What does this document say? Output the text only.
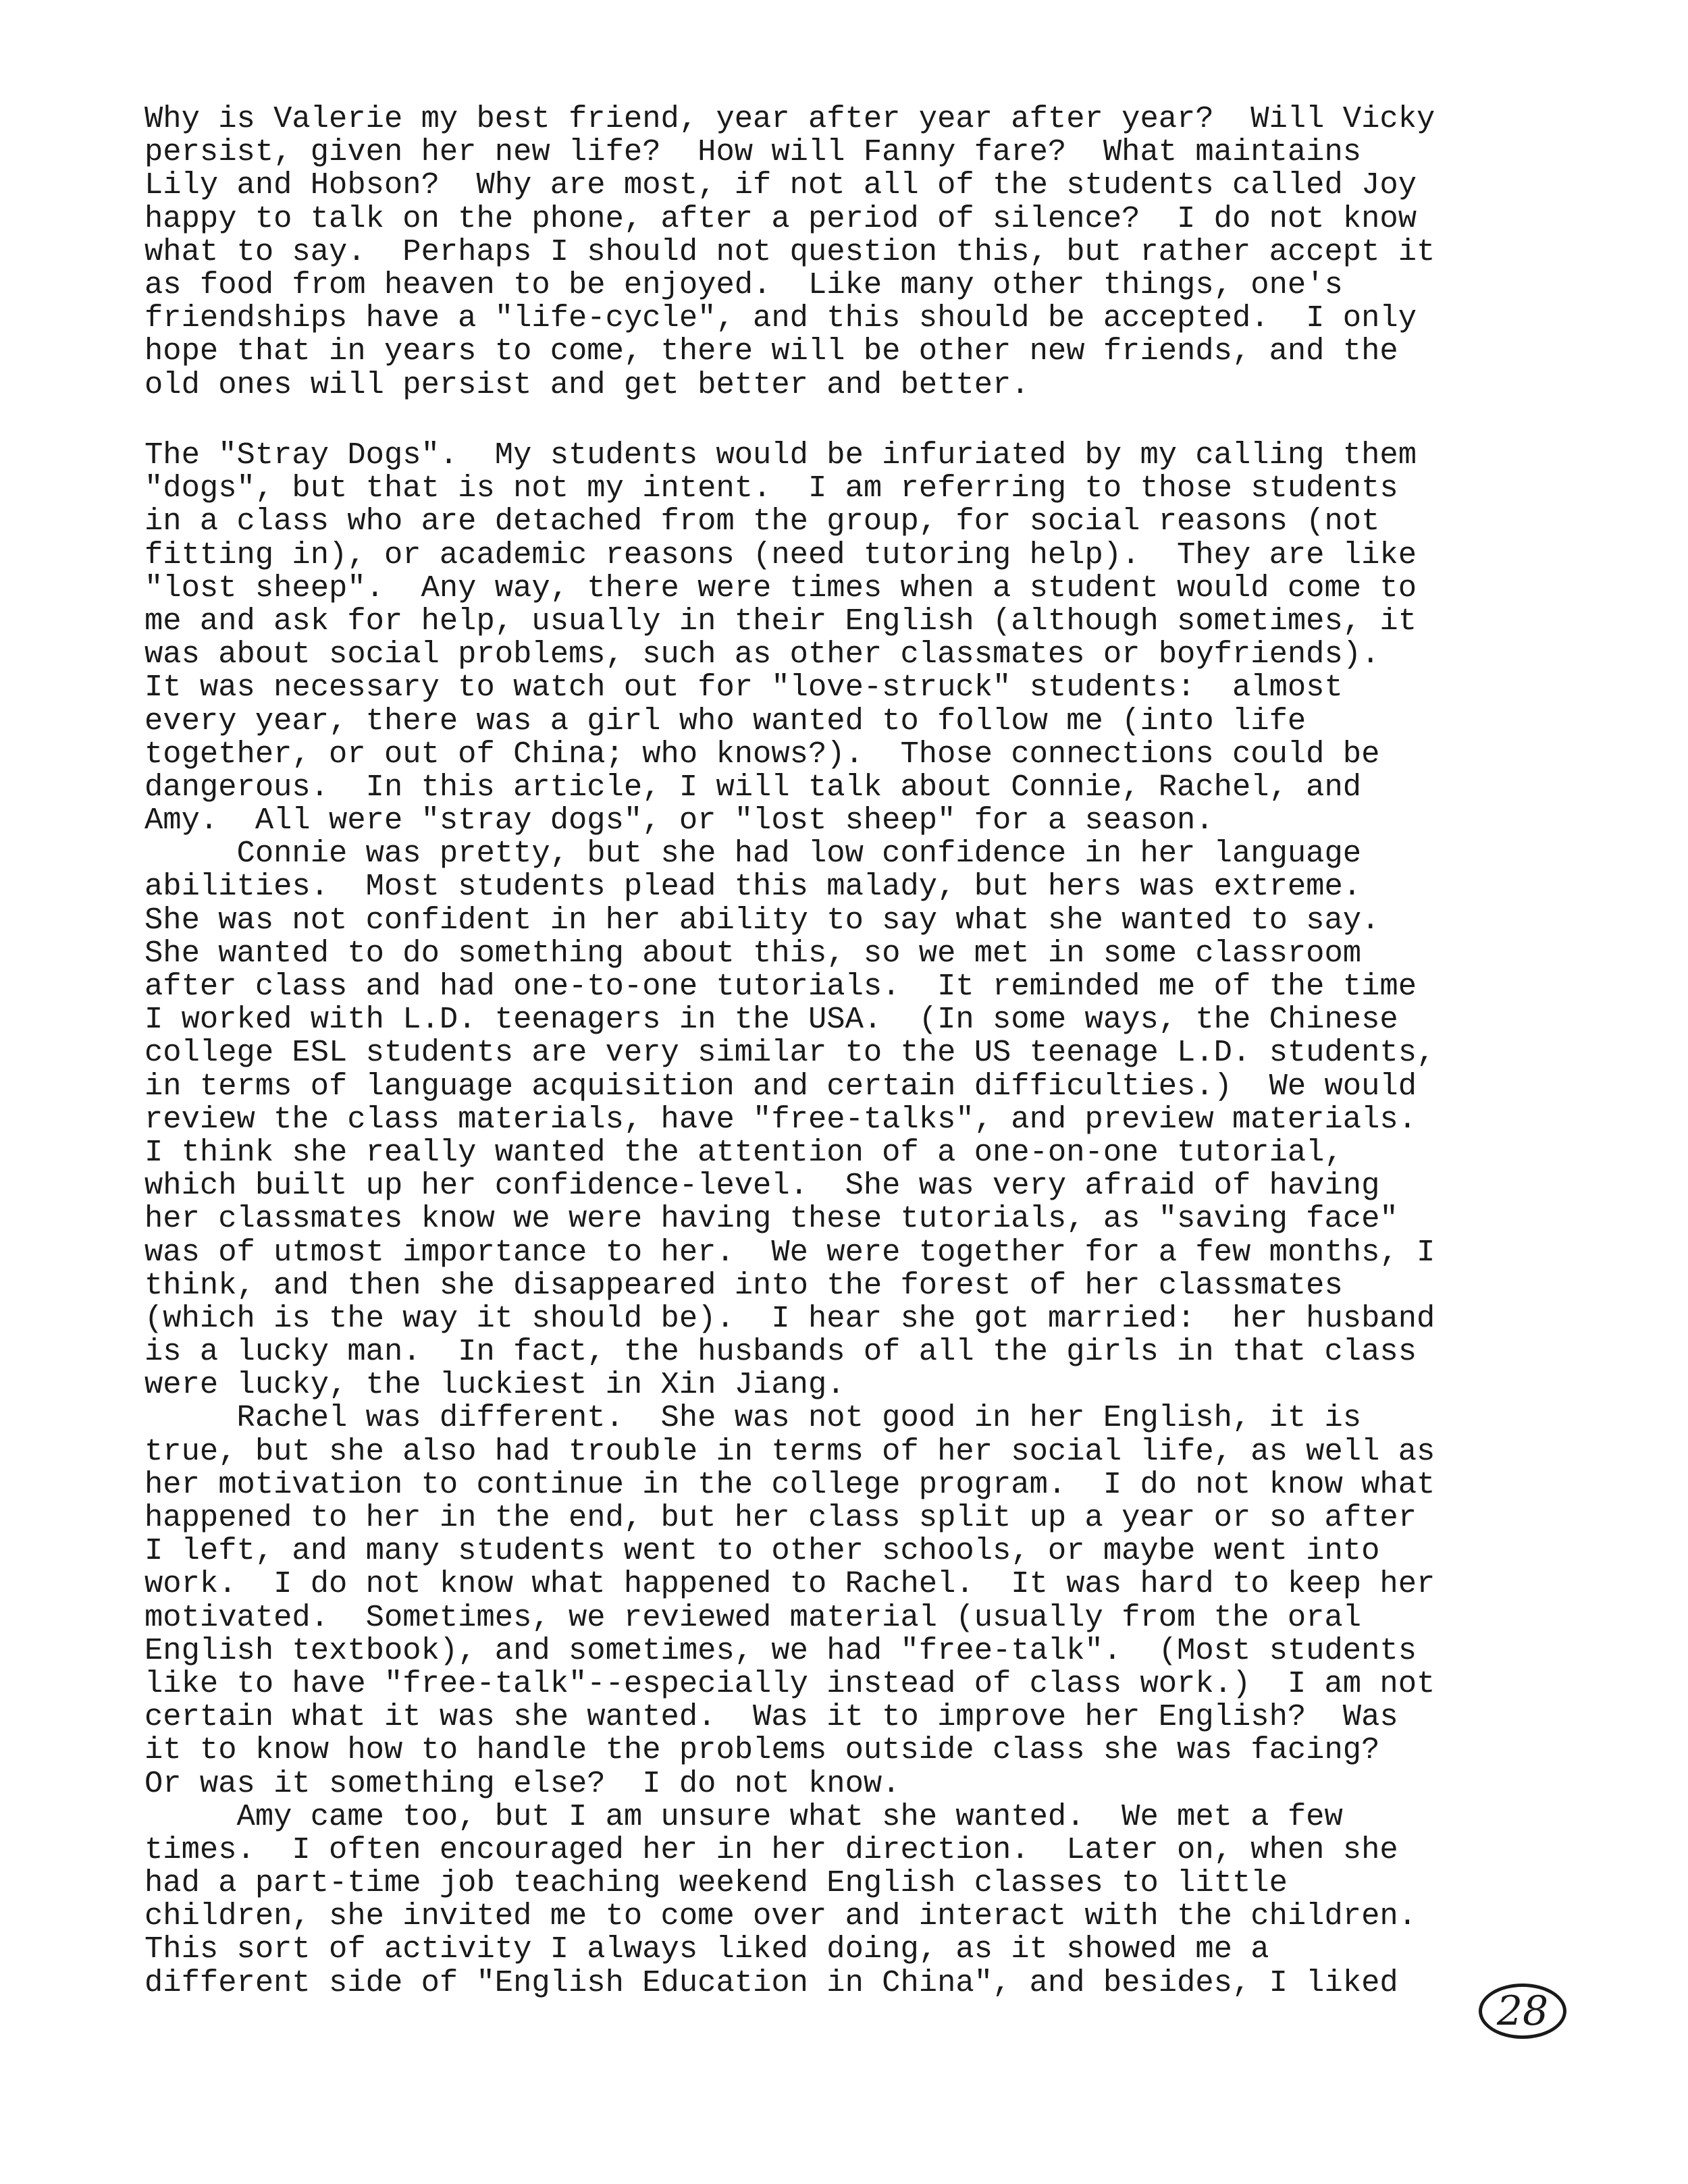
Why is Valerie my best friend, year after year after year?  Will Vicky
persist, given her new life?  How will Fanny fare?  What maintains
Lily and Hobson?  Why are most, if not all of the students called Joy
happy to talk on the phone, after a period of silence?  I do not know
what to say.  Perhaps I should not question this, but rather accept it
as food from heaven to be enjoyed.  Like many other things, one's
friendships have a "life-cycle", and this should be accepted.  I only
hope that in years to come, there will be other new friends, and the
old ones will persist and get better and better.
The "Stray Dogs".  My students would be infuriated by my calling them
"dogs", but that is not my intent.  I am referring to those students
in a class who are detached from the group, for social reasons (not
fitting in), or academic reasons (need tutoring help).  They are like
"lost sheep".  Any way, there were times when a student would come to
me and ask for help, usually in their English (although sometimes, it
was about social problems, such as other classmates or boyfriends).
It was necessary to watch out for "love-struck" students:  almost
every year, there was a girl who wanted to follow me (into life
together, or out of China; who knows?).  Those connections could be
dangerous.  In this article, I will talk about Connie, Rachel, and
Amy.  All were "stray dogs", or "lost sheep" for a season.
Connie was pretty, but she had low confidence in her language
abilities.  Most students plead this malady, but hers was extreme.
She was not confident in her ability to say what she wanted to say.
She wanted to do something about this, so we met in some classroom
after class and had one-to-one tutorials.  It reminded me of the time
I worked with L.D. teenagers in the USA.  (In some ways, the Chinese
college ESL students are very similar to the US teenage L.D. students,
in terms of language acquisition and certain difficulties.)  We would
review the class materials, have "free-talks", and preview materials.
I think she really wanted the attention of a one-on-one tutorial,
which built up her confidence-level.  She was very afraid of having
her classmates know we were having these tutorials, as "saving face"
was of utmost importance to her.  We were together for a few months, I
think, and then she disappeared into the forest of her classmates
(which is the way it should be).  I hear she got married:  her husband
is a lucky man.  In fact, the husbands of all the girls in that class
were lucky, the luckiest in Xin Jiang.
Rachel was different.  She was not good in her English, it is
true, but she also had trouble in terms of her social life, as well as
her motivation to continue in the college program.  I do not know what
happened to her in the end, but her class split up a year or so after
I left, and many students went to other schools, or maybe went into
work.  I do not know what happened to Rachel.  It was hard to keep her
motivated.  Sometimes, we reviewed material (usually from the oral
English textbook), and sometimes, we had "free-talk".  (Most students
like to have "free-talk"--especially instead of class work.)  I am not
certain what it was she wanted.  Was it to improve her English?  Was
it to know how to handle the problems outside class she was facing?
Or was it something else?  I do not know.
Amy came too, but I am unsure what she wanted.  We met a few
times.  I often encouraged her in her direction.  Later on, when she
had a part-time job teaching weekend English classes to little
children, she invited me to come over and interact with the children.
This sort of activity I always liked doing, as it showed me a
different side of "English Education in China", and besides, I liked
28
